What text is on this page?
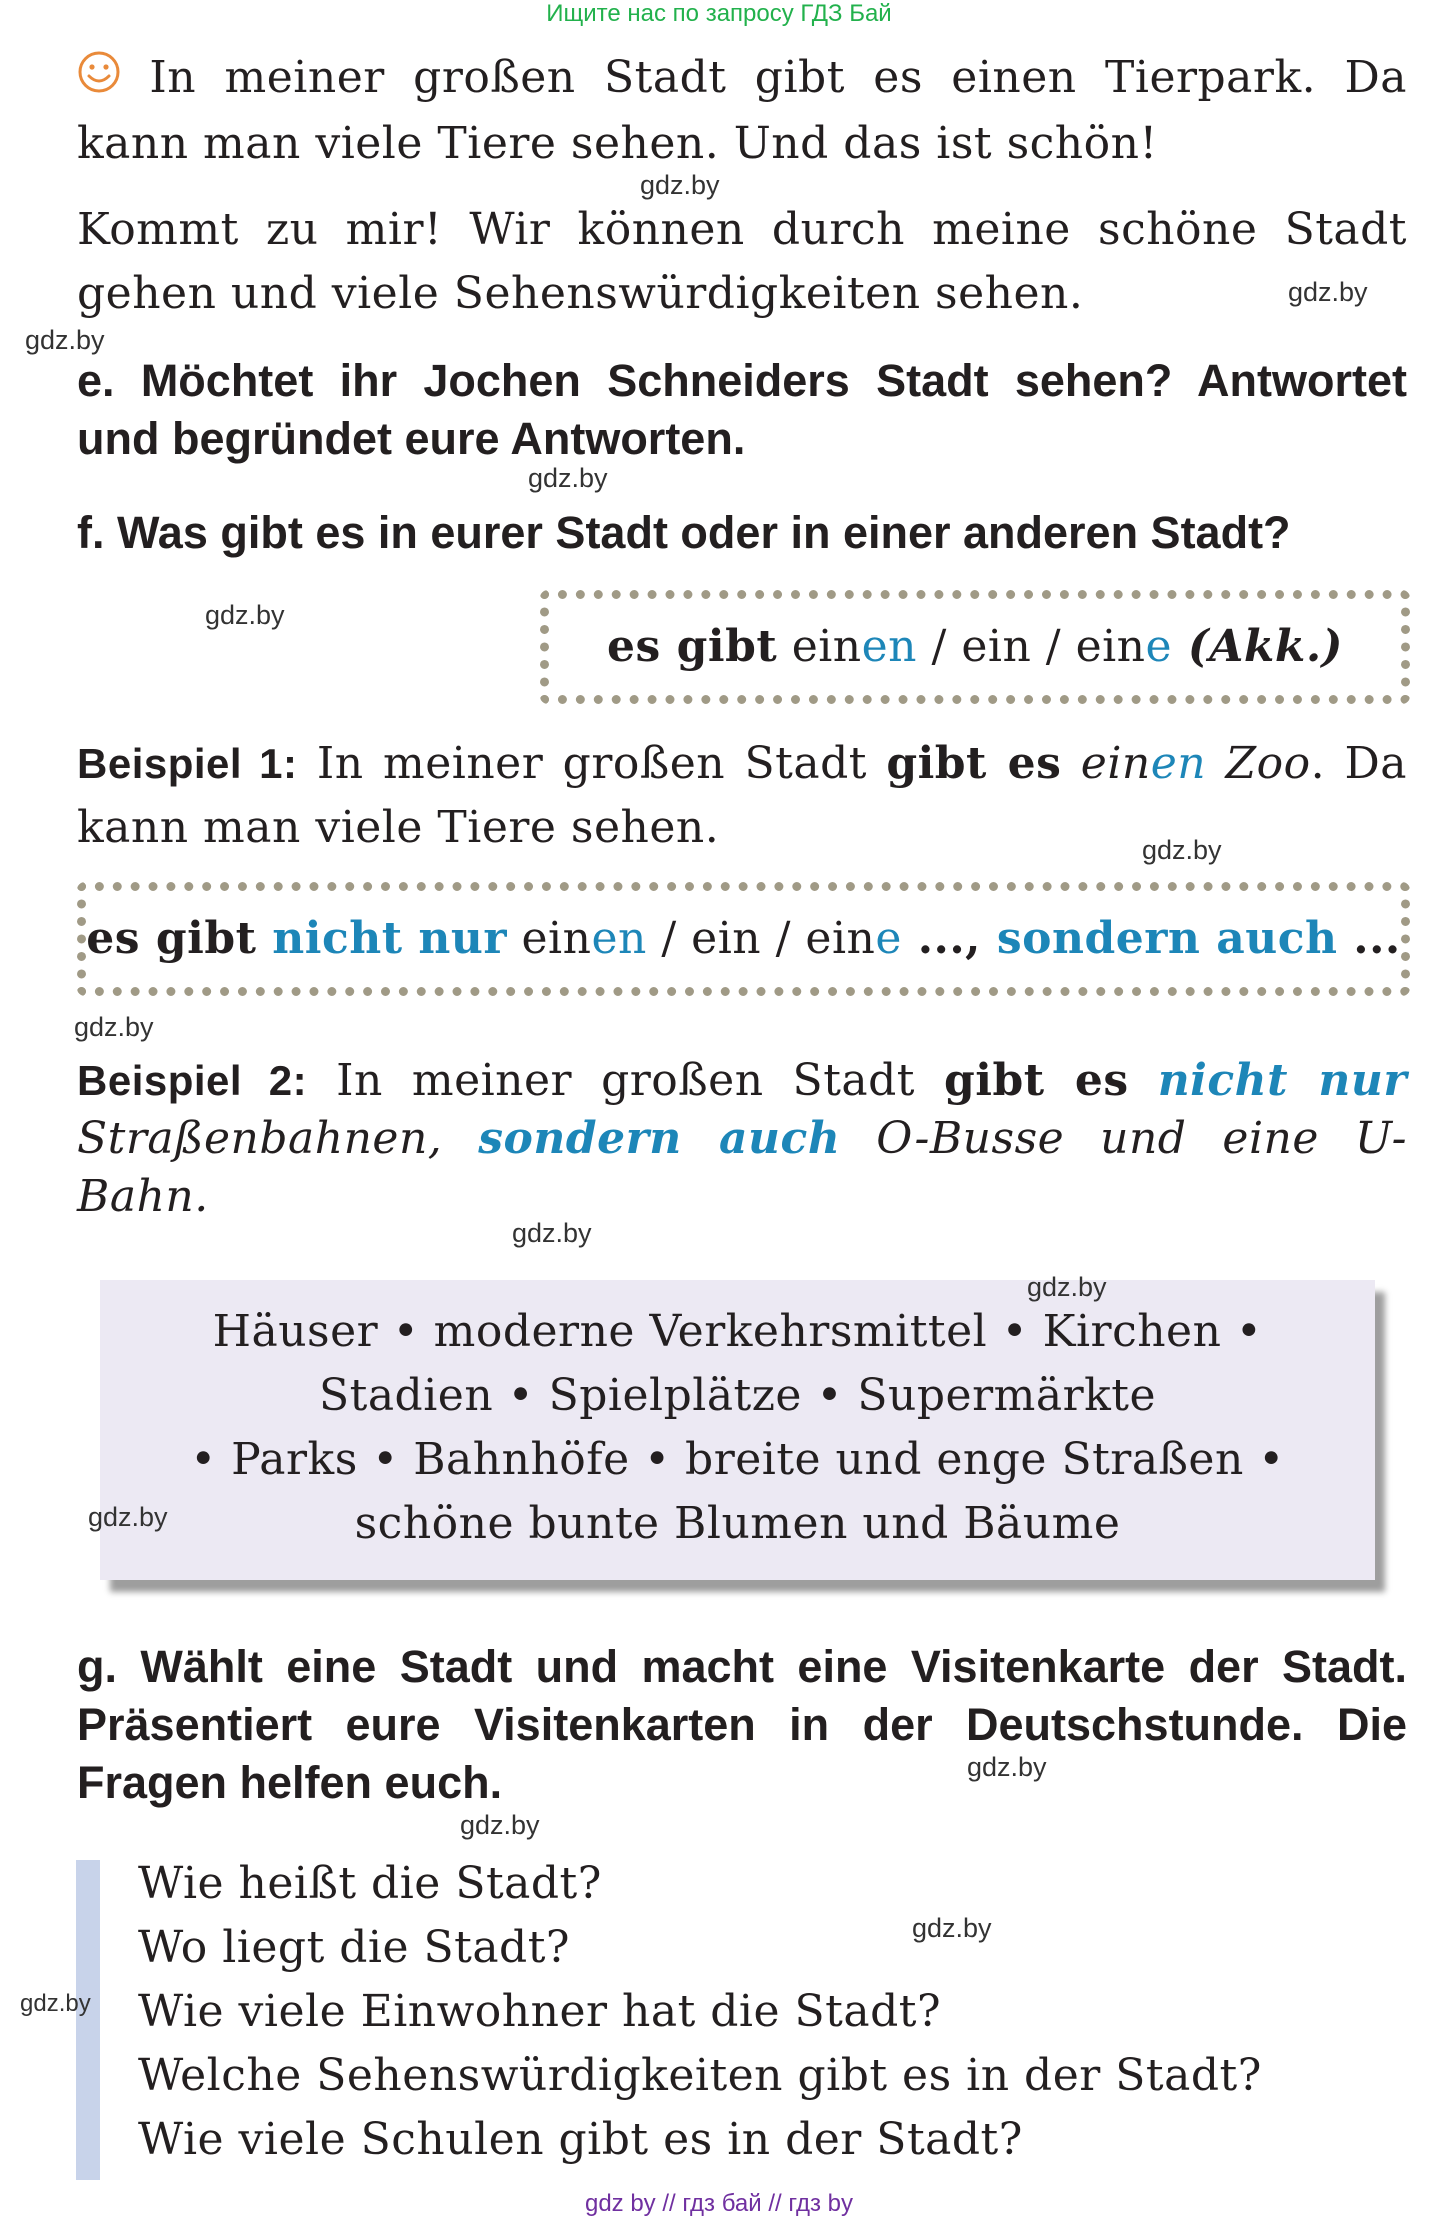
Ищите нас по запросу ГДЗ Бай
In meiner großen Stadt gibt es einen Tierpark. Da
kann man viele Tiere sehen. Und das ist schön!
Kommt zu mir! Wir können durch meine schöne Stadt
gehen und viele Sehenswürdigkeiten sehen.
e. Möchtet ihr Jochen Schneiders Stadt sehen? Antwortet
und begründet eure Antworten.
f. Was gibt es in eurer Stadt oder in einer anderen Stadt?
es gibt einen / ein / eine (Akk.)
Beispiel 1: In meiner großen Stadt gibt es einen Zoo. Da
kann man viele Tiere sehen.
es gibt nicht nur einen / ein / eine ..., sondern auch ...
Beispiel 2: In meiner großen Stadt gibt es nicht nur
Straßenbahnen, sondern auch O-Busse und eine U-
Bahn.
Häuser • moderne Verkehrsmittel • Kirchen •
Stadien • Spielplätze • Supermärkte
• Parks • Bahnhöfe • breite und enge Straßen •
schöne bunte Blumen und Bäume
g. Wählt eine Stadt und macht eine Visitenkarte der Stadt.
Präsentiert eure Visitenkarten in der Deutschstunde. Die
Fragen helfen euch.
Wie heißt die Stadt?
Wo liegt die Stadt?
Wie viele Einwohner hat die Stadt?
Welche Sehenswürdigkeiten gibt es in der Stadt?
Wie viele Schulen gibt es in der Stadt?
gdz.by
gdz.by
gdz.by
gdz.by
gdz.by
gdz.by
gdz.by
gdz.by
gdz.by
gdz.by
gdz.by
gdz.by
gdz.by
gdz.by
gdz by // гдз бай // гдз by
